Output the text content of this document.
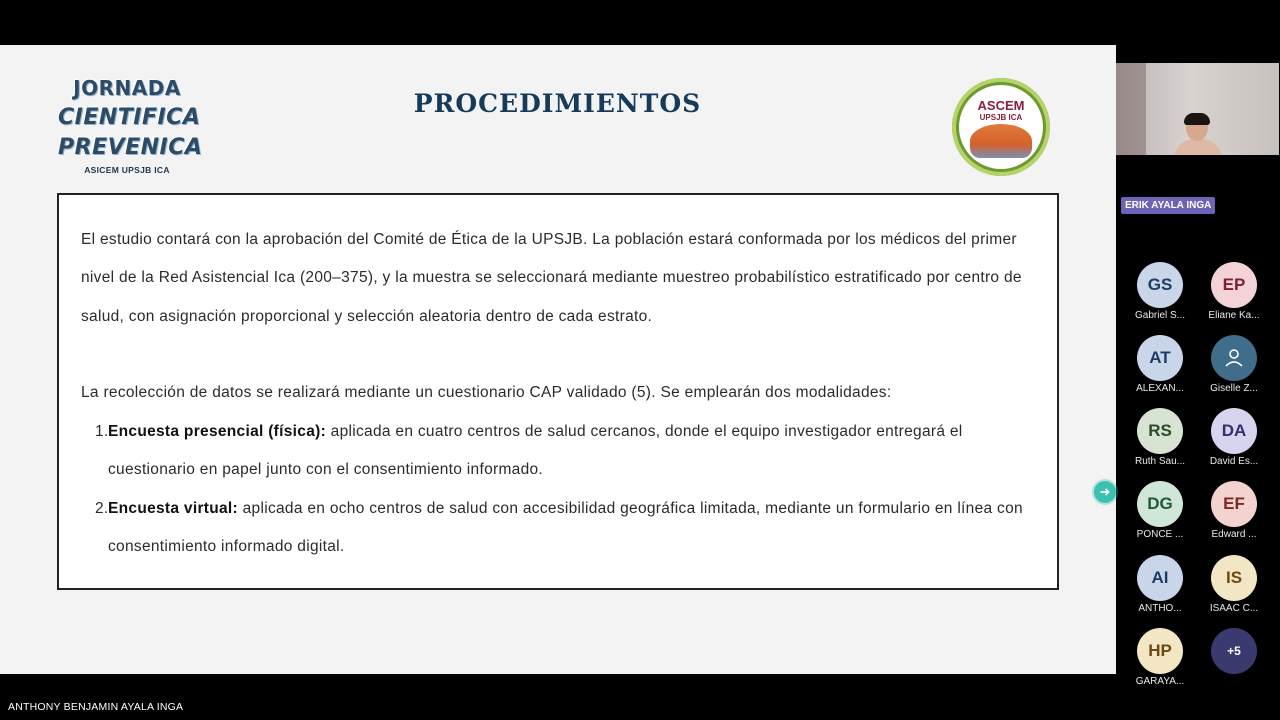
JORNADA
CIENTIFICA
PREVENICA
ASICEM UPSJB ICA
PROCEDIMIENTOS	ASCEM
UPSJB ICA

El estudio contará con la aprobación del Comité de Ética de la UPSJB. La población estará conformada por los médicos del primer nivel de la Red Asistencial Ica (200–375), y la muestra se seleccionará mediante muestreo probabilístico estratificado por centro de salud, con asignación proporcional y selección aleatoria dentro de cada estrato.

La recolección de datos se realizará mediante un cuestionario CAP validado (5). Se emplearán dos modalidades:

1. Encuesta presencial (física): aplicada en cuatro centros de salud cercanos, donde el equipo investigador entregará el cuestionario en papel junto con el consentimiento informado.
2. Encuesta virtual: aplicada en ocho centros de salud con accesibilidad geográfica limitada, mediante un formulario en línea con consentimiento informado digital.
ERIK AYALA INGA
GS
Gabriel S...
EP
Eliane Ka...
AT
ALEXAN...	Giselle Z...
RS
Ruth Sau...
DA
David Es...
DG
PONCE ...
EF
Edward ...
AI
ANTHO...
IS
ISAAC C...
HP
GARAYA...
+5
➜
ANTHONY BENJAMIN AYALA INGA
